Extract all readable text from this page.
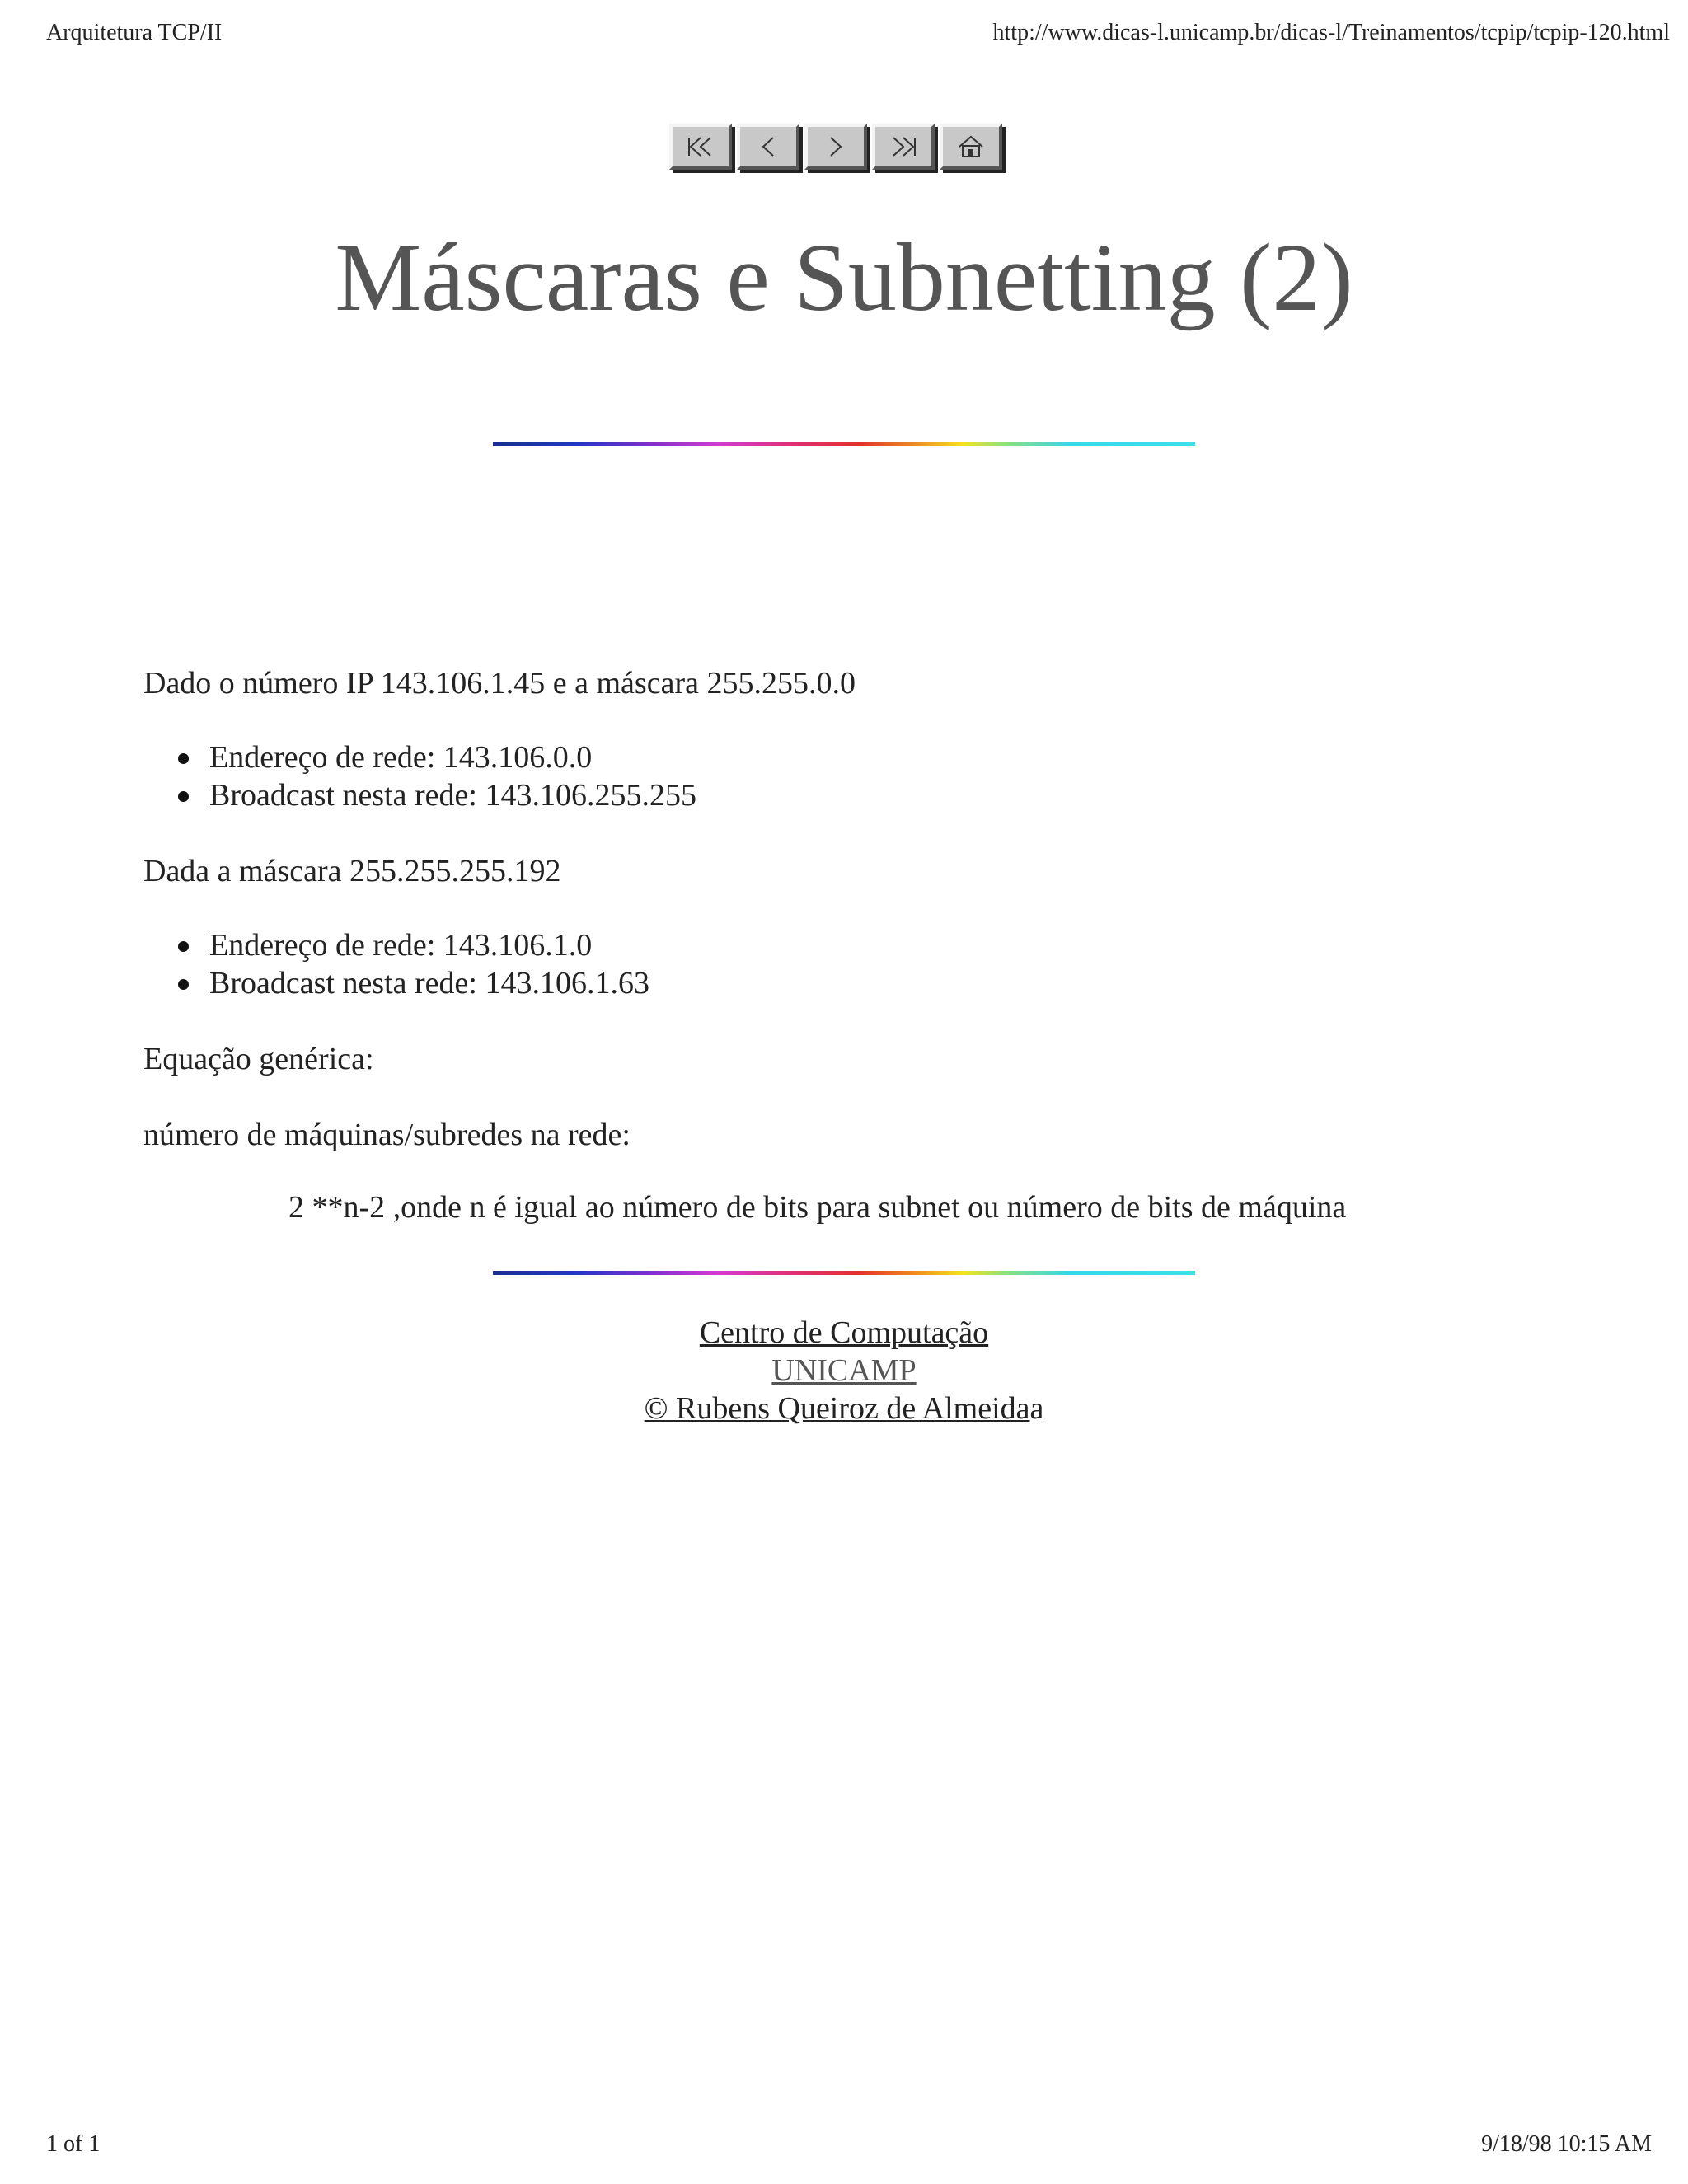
Arquitetura TCP/II	http://www.dicas-l.unicamp.br/dicas-l/Treinamentos/tcpip/tcpip-120.html
Máscaras e Subnetting (2)
Dado o número IP 143.106.1.45 e a máscara 255.255.0.0
Endereço de rede: 143.106.0.0
Broadcast nesta rede: 143.106.255.255
Dada a máscara 255.255.255.192
Endereço de rede: 143.106.1.0
Broadcast nesta rede: 143.106.1.63
Equação genérica:
número de máquinas/subredes na rede:
2 **n-2 ,onde n é igual ao número de bits para subnet ou número de bits de máquina
Centro de Computação
UNICAMP
© Rubens Queiroz de Almeidaa
1 of 1	9/18/98 10:15 AM
